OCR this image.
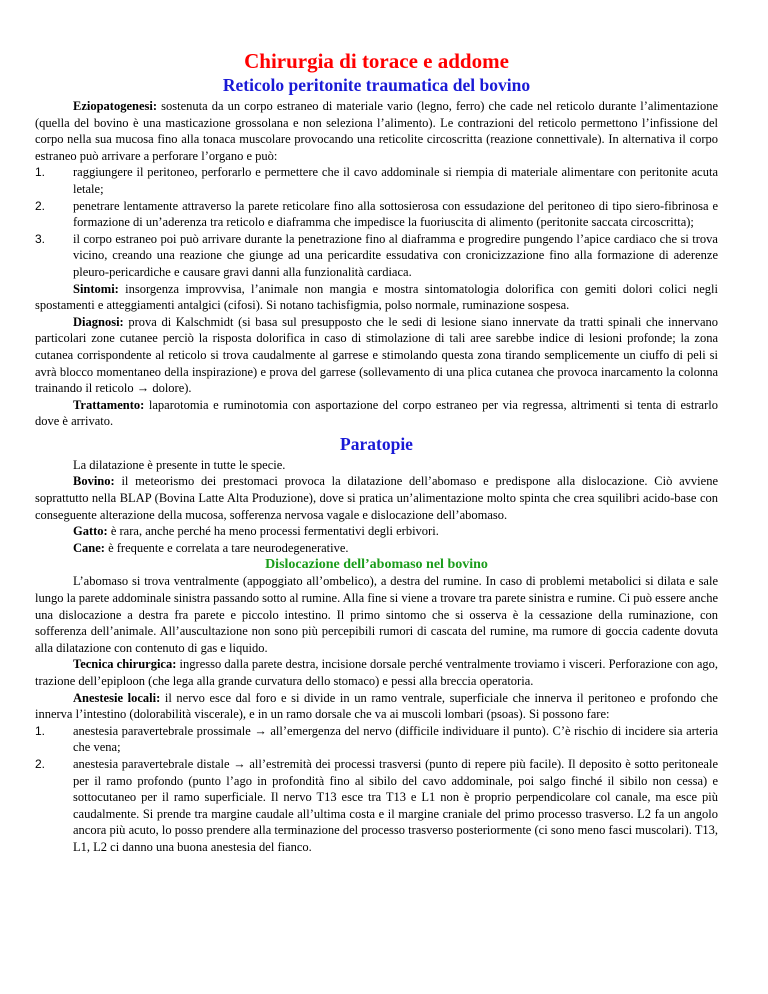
Chirurgia di torace e addome
Reticolo peritonite traumatica del bovino

Eziopatogenesi: sostenuta da un corpo estraneo di materiale vario (legno, ferro) che cade nel reticolo durante l’alimentazione (quella del bovino è una masticazione grossolana e non seleziona l’alimento). Le contrazioni del reticolo permettono l’infissione del corpo nella sua mucosa fino alla tonaca muscolare provocando una reticolite circoscritta (reazione connettivale). In alternativa il corpo estraneo può arrivare a perforare l’organo e può:

1. raggiungere il peritoneo, perforarlo e permettere che il cavo addominale si riempia di materiale alimentare con peritonite acuta letale;
2. penetrare lentamente attraverso la parete reticolare fino alla sottosierosa con essudazione del peritoneo di tipo siero-fibrinosa e formazione di un’aderenza tra reticolo e diaframma che impedisce la fuoriuscita di alimento (peritonite saccata circoscritta);
3. il corpo estraneo poi può arrivare durante la penetrazione fino al diaframma e progredire pungendo l’apice cardiaco che si trova vicino, creando una reazione che giunge ad una pericardite essudativa con cronicizzazione fino alla formazione di aderenze pleuro-pericardiche e causare gravi danni alla funzionalità cardiaca.

Sintomi: insorgenza improvvisa, l’animale non mangia e mostra sintomatologia dolorifica con gemiti dolori colici negli spostamenti e atteggiamenti antalgici (cifosi). Si notano tachisfigmia, polso normale, ruminazione sospesa.

Diagnosi: prova di Kalschmidt (si basa sul presupposto che le sedi di lesione siano innervate da tratti spinali che innervano particolari zone cutanee perciò la risposta dolorifica in caso di stimolazione di tali aree sarebbe indice di lesioni profonde; la zona cutanea corrispondente al reticolo si trova caudalmente al garrese e stimolando questa zona tirando semplicemente un ciuffo di peli si avrà blocco momentaneo della inspirazione) e prova del garrese (sollevamento di una plica cutanea che provoca inarcamento la colonna trainando il reticolo → dolore).

Trattamento: laparotomia e ruminotomia con asportazione del corpo estraneo per via regressa, altrimenti si tenta di estrarlo dove è arrivato.

Paratopie

La dilatazione è presente in tutte le specie.

Bovino: il meteorismo dei prestomaci provoca la dilatazione dell’abomaso e predispone alla dislocazione. Ciò avviene soprattutto nella BLAP (Bovina Latte Alta Produzione), dove si pratica un’alimentazione molto spinta che crea squilibri acido-base con conseguente alterazione della mucosa, sofferenza nervosa vagale e dislocazione dell’abomaso.

Gatto: è rara, anche perché ha meno processi fermentativi degli erbivori.

Cane: è frequente e correlata a tare neurodegenerative.

Dislocazione dell’abomaso nel bovino

L’abomaso si trova ventralmente (appoggiato all’ombelico), a destra del rumine. In caso di problemi metabolici si dilata e sale lungo la parete addominale sinistra passando sotto al rumine. Alla fine si viene a trovare tra parete sinistra e rumine. Ci può essere anche una dislocazione a destra fra parete e piccolo intestino. Il primo sintomo che si osserva è la cessazione della ruminazione, con sofferenza dell’animale. All’auscultazione non sono più percepibili rumori di cascata del rumine, ma rumore di goccia cadente dovuta alla dilatazione con contenuto di gas e liquido.

Tecnica chirurgica: ingresso dalla parete destra, incisione dorsale perché ventralmente troviamo i visceri. Perforazione con ago, trazione dell’epiploon (che lega alla grande curvatura dello stomaco) e pessi alla breccia operatoria.

Anestesie locali: il nervo esce dal foro e si divide in un ramo ventrale, superficiale che innerva il peritoneo e profondo che innerva l’intestino (dolorabilità viscerale), e in un ramo dorsale che va ai muscoli lombari (psoas). Si possono fare:

1. anestesia paravertebrale prossimale → all’emergenza del nervo (difficile individuare il punto). C’è rischio di incidere sia arteria che vena;
2. anestesia paravertebrale distale → all’estremità dei processi trasversi (punto di repere più facile). Il deposito è sotto peritoneale per il ramo profondo (punto l’ago in profondità fino al sibilo del cavo addominale, poi salgo finché il sibilo non cessa) e sottocutaneo per il ramo superficiale. Il nervo T13 esce tra T13 e L1 non è proprio perpendicolare col canale, ma esce più caudalmente. Si prende tra margine caudale all’ultima costa e il margine craniale del primo processo trasverso. L2 fa un angolo ancora più acuto, lo posso prendere alla terminazione del processo trasverso posteriormente (ci sono meno fasci muscolari). T13, L1, L2 ci danno una buona anestesia del fianco.
